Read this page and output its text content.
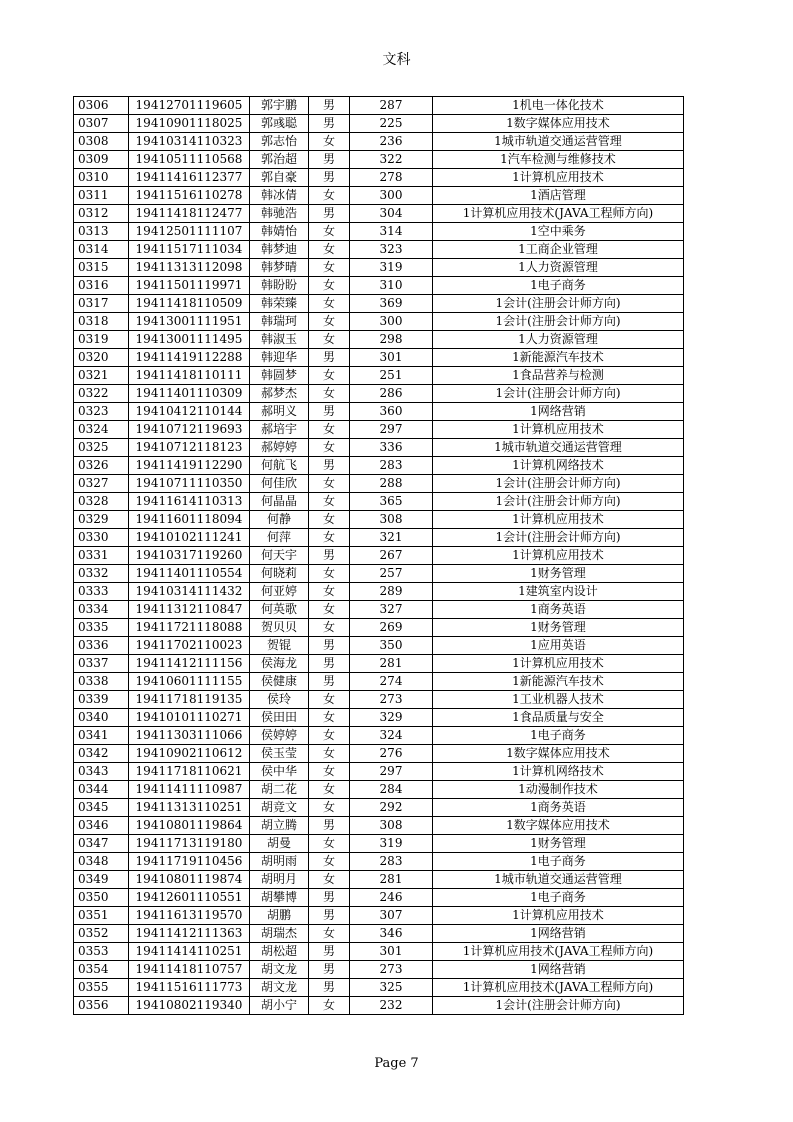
文科
0306	19412701119605	郭宇鹏	男	287	1机电一体化技术
0307	19410901118025	郭彧聪	男	225	1数字媒体应用技术
0308	19410314110323	郭志怡	女	236	1城市轨道交通运营管理
0309	19410511110568	郭治超	男	322	1汽车检测与维修技术
0310	19411416112377	郭自豪	男	278	1计算机应用技术
0311	19411516110278	韩冰倩	女	300	1酒店管理
0312	19411418112477	韩驰浩	男	304	1计算机应用技术(JAVA工程师方向)
0313	19412501111107	韩婧怡	女	314	1空中乘务
0314	19411517111034	韩梦迪	女	323	1工商企业管理
0315	19411313112098	韩梦晴	女	319	1人力资源管理
0316	19411501119971	韩盼盼	女	310	1电子商务
0317	19411418110509	韩荣臻	女	369	1会计(注册会计师方向)
0318	19413001111951	韩瑞珂	女	300	1会计(注册会计师方向)
0319	19413001111495	韩淑玉	女	298	1人力资源管理
0320	19411419112288	韩迎华	男	301	1新能源汽车技术
0321	19411418110111	韩圆梦	女	251	1食品营养与检测
0322	19411401110309	郝梦杰	女	286	1会计(注册会计师方向)
0323	19410412110144	郝明义	男	360	1网络营销
0324	19410712119693	郝培宇	女	297	1计算机应用技术
0325	19410712118123	郝婷婷	女	336	1城市轨道交通运营管理
0326	19411419112290	何航飞	男	283	1计算机网络技术
0327	19410711110350	何佳欣	女	288	1会计(注册会计师方向)
0328	19411614110313	何晶晶	女	365	1会计(注册会计师方向)
0329	19411601118094	何静	女	308	1计算机应用技术
0330	19410102111241	何萍	女	321	1会计(注册会计师方向)
0331	19410317119260	何天宇	男	267	1计算机应用技术
0332	19411401110554	何晓莉	女	257	1财务管理
0333	19410314111432	何亚婷	女	289	1建筑室内设计
0334	19411312110847	何英歌	女	327	1商务英语
0335	19411721118088	贺贝贝	女	269	1财务管理
0336	19411702110023	贺锟	男	350	1应用英语
0337	19411412111156	侯海龙	男	281	1计算机应用技术
0338	19410601111155	侯健康	男	274	1新能源汽车技术
0339	19411718119135	侯玲	女	273	1工业机器人技术
0340	19410101110271	侯田田	女	329	1食品质量与安全
0341	19411303111066	侯婷婷	女	324	1电子商务
0342	19410902110612	侯玉莹	女	276	1数字媒体应用技术
0343	19411718110621	侯中华	女	297	1计算机网络技术
0344	19411411110987	胡二花	女	284	1动漫制作技术
0345	19411313110251	胡竞文	女	292	1商务英语
0346	19410801119864	胡立腾	男	308	1数字媒体应用技术
0347	19411713119180	胡曼	女	319	1财务管理
0348	19411719110456	胡明雨	女	283	1电子商务
0349	19410801119874	胡明月	女	281	1城市轨道交通运营管理
0350	19412601110551	胡攀博	男	246	1电子商务
0351	19411613119570	胡鹏	男	307	1计算机应用技术
0352	19411412111363	胡瑞杰	女	346	1网络营销
0353	19411414110251	胡松超	男	301	1计算机应用技术(JAVA工程师方向)
0354	19411418110757	胡文龙	男	273	1网络营销
0355	19411516111773	胡文龙	男	325	1计算机应用技术(JAVA工程师方向)
0356	19410802119340	胡小宁	女	232	1会计(注册会计师方向)
Page 7
